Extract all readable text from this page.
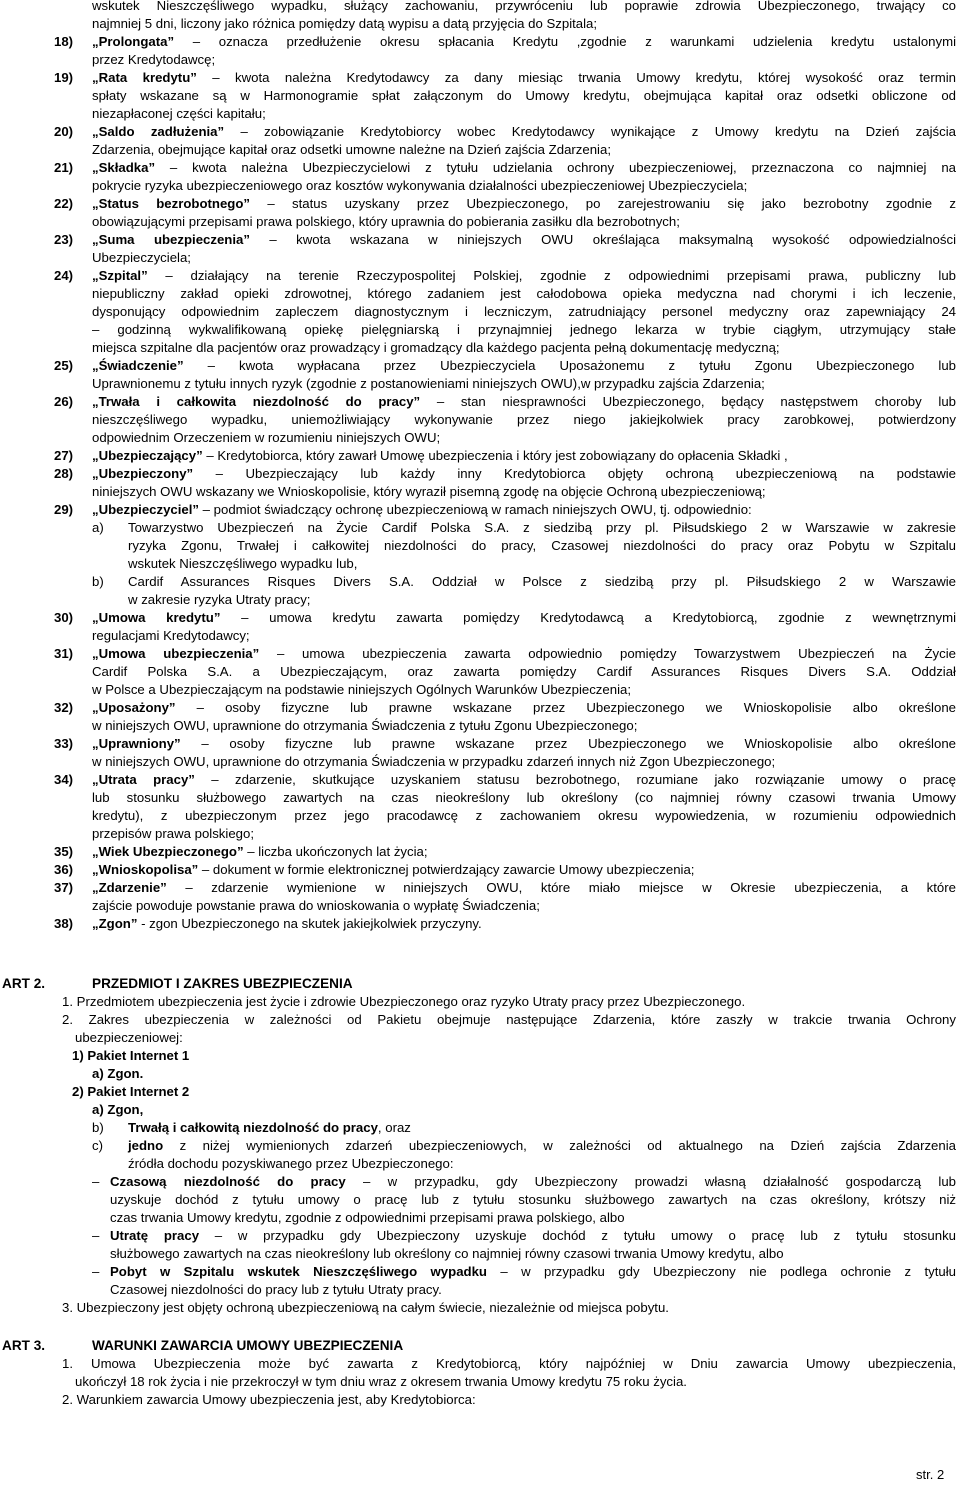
wskutek Nieszczęśliwego wypadku, służący zachowaniu, przywróceniu lub poprawie zdrowia Ubezpieczonego, trwający co
najmniej 5 dni, liczony jako różnica pomiędzy datą wypisu a datą przyjęcia do Szpitala;
18) „Prolongata” – oznacza przedłużenie okresu spłacania Kredytu ,zgodnie z warunkami udzielenia kredytu ustalonymi
przez Kredytodawcę;
19) „Rata kredytu” – kwota należna Kredytodawcy za dany miesiąc trwania Umowy kredytu, której wysokość oraz termin
spłaty wskazane są w Harmonogramie spłat załączonym do Umowy kredytu, obejmująca kapitał oraz odsetki obliczone od
niezapłaconej części kapitału;
20) „Saldo zadłużenia” – zobowiązanie Kredytobiorcy wobec Kredytodawcy wynikające z Umowy kredytu na Dzień zajścia
Zdarzenia, obejmujące kapitał oraz odsetki umowne należne na Dzień zajścia Zdarzenia;
21) „Składka” – kwota należna Ubezpieczycielowi z tytułu udzielania ochrony ubezpieczeniowej, przeznaczona co najmniej na
pokrycie ryzyka ubezpieczeniowego oraz kosztów wykonywania działalności ubezpieczeniowej Ubezpieczyciela;
22) „Status bezrobotnego” – status uzyskany przez Ubezpieczonego, po zarejestrowaniu się jako bezrobotny zgodnie z
obowiązującymi przepisami prawa polskiego, który uprawnia do pobierania zasiłku dla bezrobotnych;
23) „Suma ubezpieczenia” – kwota wskazana w niniejszych OWU określająca maksymalną wysokość odpowiedzialności
Ubezpieczyciela;
24) „Szpital” – działający na terenie Rzeczypospolitej Polskiej, zgodnie z odpowiednimi przepisami prawa, publiczny lub
niepubliczny zakład opieki zdrowotnej, którego zadaniem jest całodobowa opieka medyczna nad chorymi i ich leczenie,
dysponujący odpowiednim zapleczem diagnostycznym i leczniczym, zatrudniający personel medyczny oraz zapewniający 24
– godzinną wykwalifikowaną opiekę pielęgniarską i przynajmniej jednego lekarza w trybie ciągłym, utrzymujący stałe
miejsca szpitalne dla pacjentów oraz prowadzący i gromadzący dla każdego pacjenta pełną dokumentację medyczną;
25) „Świadczenie” – kwota wypłacana przez Ubezpieczyciela Uposażonemu z tytułu Zgonu Ubezpieczonego lub
Uprawnionemu z tytułu innych ryzyk (zgodnie z postanowieniami niniejszych OWU),w przypadku zajścia Zdarzenia;
26) „Trwała i całkowita niezdolność do pracy” – stan niesprawności Ubezpieczonego, będący następstwem choroby lub
nieszczęśliwego wypadku, uniemożliwiający wykonywanie przez niego jakiejkolwiek pracy zarobkowej, potwierdzony
odpowiednim Orzeczeniem w rozumieniu niniejszych OWU;
27) „Ubezpieczający” – Kredytobiorca, który zawarł Umowę ubezpieczenia i który jest zobowiązany do opłacenia Składki ,
28) „Ubezpieczony” – Ubezpieczający lub każdy inny Kredytobiorca objęty ochroną ubezpieczeniową na podstawie
niniejszych OWU wskazany we Wnioskopolisie, który wyraził pisemną zgodę na objęcie Ochroną ubezpieczeniową;
29) „Ubezpieczyciel” – podmiot świadczący ochronę ubezpieczeniową w ramach niniejszych OWU, tj. odpowiednio:
a) Towarzystwo Ubezpieczeń na Życie Cardif Polska S.A. z siedzibą przy pl. Piłsudskiego 2 w Warszawie w zakresie
ryzyka Zgonu, Trwałej i całkowitej niezdolności do pracy, Czasowej niezdolności do pracy oraz Pobytu w Szpitalu
wskutek Nieszczęśliwego wypadku lub,
b) Cardif Assurances Risques Divers S.A. Oddział w Polsce z siedzibą przy pl. Piłsudskiego 2 w Warszawie
w zakresie ryzyka Utraty pracy;
30) „Umowa kredytu” – umowa kredytu zawarta pomiędzy Kredytodawcą a Kredytobiorcą, zgodnie z wewnętrznymi
regulacjami Kredytodawcy;
31) „Umowa ubezpieczenia” – umowa ubezpieczenia zawarta odpowiednio pomiędzy Towarzystwem Ubezpieczeń na Życie
Cardif Polska S.A. a Ubezpieczającym, oraz zawarta pomiędzy Cardif Assurances Risques Divers S.A. Oddział
w Polsce a Ubezpieczającym na podstawie niniejszych Ogólnych Warunków Ubezpieczenia;
32) „Uposażony” – osoby fizyczne lub prawne wskazane przez Ubezpieczonego we Wnioskopolisie albo określone
w niniejszych OWU, uprawnione do otrzymania Świadczenia z tytułu Zgonu Ubezpieczonego;
33) „Uprawniony” – osoby fizyczne lub prawne wskazane przez Ubezpieczonego we Wnioskopolisie albo określone
w niniejszych OWU, uprawnione do otrzymania Świadczenia w przypadku zdarzeń innych niż Zgon Ubezpieczonego;
34) „Utrata pracy” – zdarzenie, skutkujące uzyskaniem statusu bezrobotnego, rozumiane jako rozwiązanie umowy o pracę
lub stosunku służbowego zawartych na czas nieokreślony lub określony (co najmniej równy czasowi trwania Umowy
kredytu), z ubezpieczonym przez jego pracodawcę z zachowaniem okresu wypowiedzenia, w rozumieniu odpowiednich
przepisów prawa polskiego;
35) „Wiek Ubezpieczonego” – liczba ukończonych lat życia;
36) „Wnioskopolisa” – dokument w formie elektronicznej potwierdzający zawarcie Umowy ubezpieczenia;
37) „Zdarzenie” – zdarzenie wymienione w niniejszych OWU, które miało miejsce w Okresie ubezpieczenia, a które
zajście powoduje powstanie prawa do wnioskowania o wypłatę Świadczenia;
38) „Zgon” - zgon Ubezpieczonego na skutek jakiejkolwiek przyczyny.
ART 2.	PRZEDMIOT I ZAKRES UBEZPIECZENIA
1. Przedmiotem ubezpieczenia jest życie i zdrowie Ubezpieczonego oraz ryzyko Utraty pracy przez Ubezpieczonego.
2. Zakres ubezpieczenia w zależności od Pakietu obejmuje następujące Zdarzenia, które zaszły w trakcie trwania Ochrony
ubezpieczeniowej:
1) Pakiet Internet 1
a) Zgon.
2) Pakiet Internet 2
a) Zgon,
b) Trwałą i całkowitą niezdolność do pracy, oraz
c) jedno z niżej wymienionych zdarzeń ubezpieczeniowych, w zależności od aktualnego na Dzień zajścia Zdarzenia
źródła dochodu pozyskiwanego przez Ubezpieczonego:
– Czasową niezdolność do pracy – w przypadku, gdy Ubezpieczony prowadzi własną działalność gospodarczą lub
uzyskuje dochód z tytułu umowy o pracę lub z tytułu stosunku służbowego zawartych na czas określony, krótszy niż
czas trwania Umowy kredytu, zgodnie z odpowiednimi przepisami prawa polskiego, albo
– Utratę pracy – w przypadku gdy Ubezpieczony uzyskuje dochód z tytułu umowy o pracę lub z tytułu stosunku
służbowego zawartych na czas nieokreślony lub określony co najmniej równy czasowi trwania Umowy kredytu, albo
– Pobyt w Szpitalu wskutek Nieszczęśliwego wypadku – w przypadku gdy Ubezpieczony nie podlega ochronie z tytułu
Czasowej niezdolności do pracy lub z tytułu Utraty pracy.
3. Ubezpieczony jest objęty ochroną ubezpieczeniową na całym świecie, niezależnie od miejsca pobytu.
ART 3.	WARUNKI ZAWARCIA UMOWY UBEZPIECZENIA
1. Umowa Ubezpieczenia może być zawarta z Kredytobiorcą, który najpóźniej w Dniu zawarcia Umowy ubezpieczenia,
ukończył 18 rok życia i nie przekroczył w tym dniu wraz z okresem trwania Umowy kredytu 75 roku życia.
2. Warunkiem zawarcia Umowy ubezpieczenia jest, aby Kredytobiorca:
str. 2
